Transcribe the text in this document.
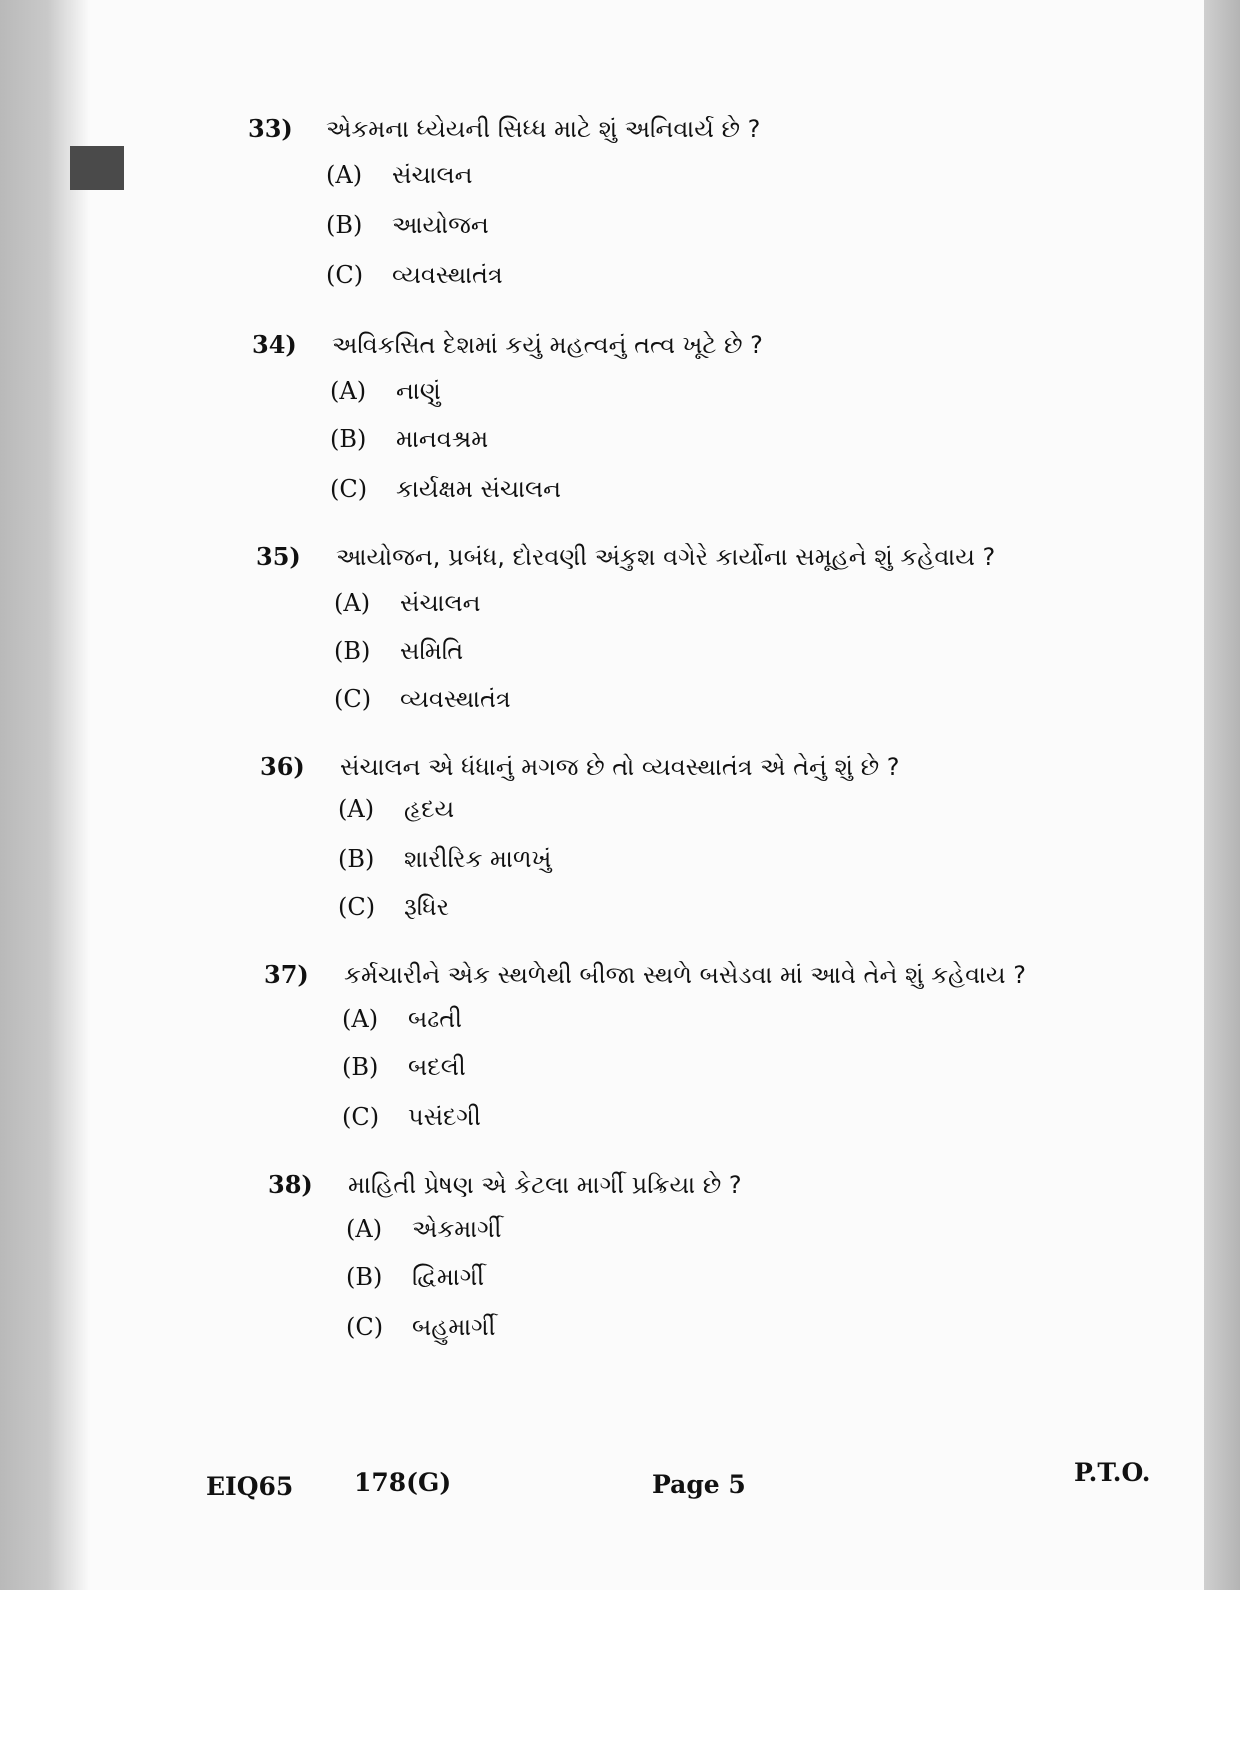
33) એકમના ધ્યેયની સિધ્ધ માટે શું અનિવાર્ય છે ?
(A) સંચાલન
(B) આયોજન
(C) વ્યવસ્થાતંત્ર
34) અવિકસિત દેશમાં કયું મહત્વનું તત્વ ખૂટે છે ?
(A) નાણું
(B) માનવશ્રમ
(C) કાર્યક્ષમ સંચાલન
35) આયોજન, પ્રબંધ, દોરવણી અંકુશ વગેરે કાર્યોના સમૂહને શું કહેવાય ?
(A) સંચાલન
(B) સમિતિ
(C) વ્યવસ્થાતંત્ર
36) સંચાલન એ ધંધાનું મગજ છે તો વ્યવસ્થાતંત્ર એ તેનું શું છે ?
(A) હૃદય
(B) શારીરિક માળખું
(C) રૂધિર
37) કર્મચારીને એક સ્થળેથી બીજા સ્થળે બસેડવા માં આવે તેને શું કહેવાય ?
(A) બઢતી
(B) બદલી
(C) પસંદગી
38) માહિતી પ્રેષણ એ કેટલા માર્ગી પ્રક્રિયા છે ?
(A) એકમાર્ગી
(B) દ્વિમાર્ગી
(C) બહુમાર્ગી
EIQ65 178(G)	Page 5	P.T.O.
